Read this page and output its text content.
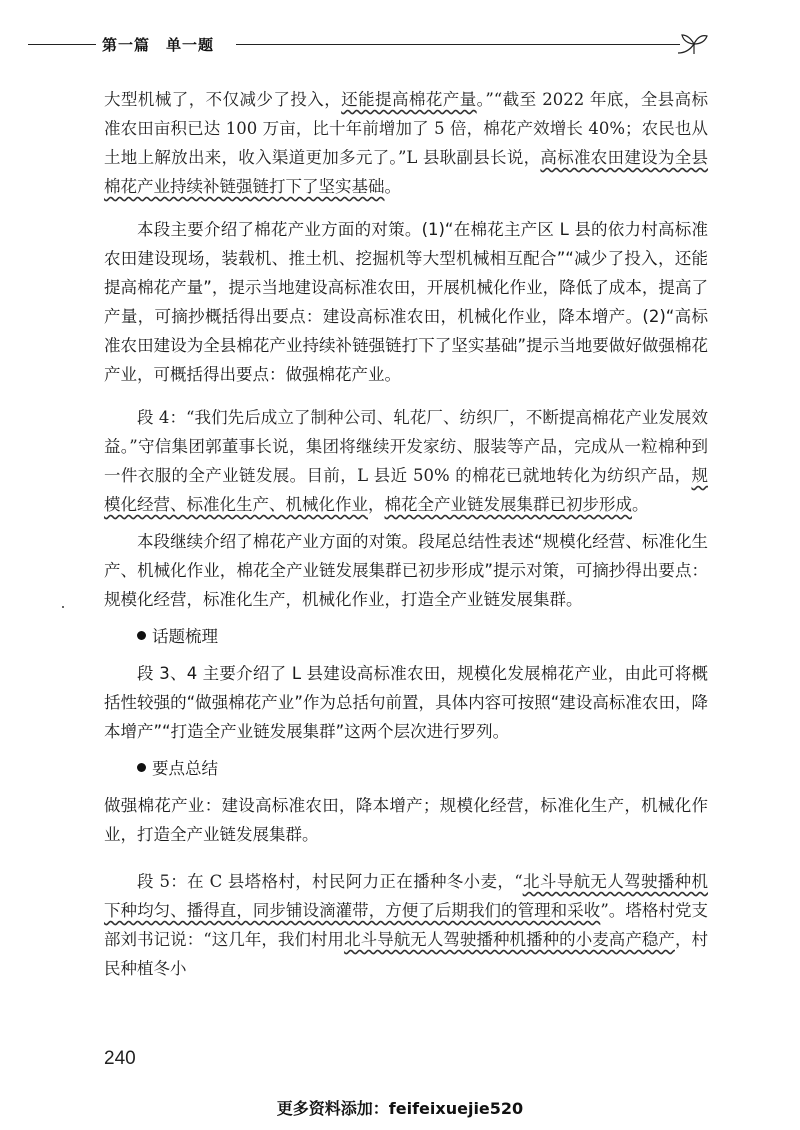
第一篇　单一题

大型机械了，不仅减少了投入，还能提高棉花产量。”“截至 2022 年底，全县高标准农田亩积已达 100 万亩，比十年前增加了 5 倍，棉花产效增长 40%；农民也从土地上解放出来，收入渠道更加多元了。”L 县耿副县长说，高标准农田建设为全县棉花产业持续补链强链打下了坚实基础。

本段主要介绍了棉花产业方面的对策。(1)“在棉花主产区 L 县的依力村高标准农田建设现场，装载机、推土机、挖掘机等大型机械相互配合”“减少了投入，还能提高棉花产量”，提示当地建设高标准农田，开展机械化作业，降低了成本，提高了产量，可摘抄概括得出要点：建设高标准农田，机械化作业，降本增产。(2)“高标准农田建设为全县棉花产业持续补链强链打下了坚实基础”提示当地要做好做强棉花产业，可概括得出要点：做强棉花产业。

段 4：“我们先后成立了制种公司、轧花厂、纺织厂，不断提高棉花产业发展效益。”守信集团郭董事长说，集团将继续开发家纺、服装等产品，完成从一粒棉种到一件衣服的全产业链发展。目前，L 县近 50% 的棉花已就地转化为纺织产品，规模化经营、标准化生产、机械化作业，棉花全产业链发展集群已初步形成。

本段继续介绍了棉花产业方面的对策。段尾总结性表述“规模化经营、标准化生产、机械化作业，棉花全产业链发展集群已初步形成”提示对策，可摘抄得出要点：规模化经营，标准化生产，机械化作业，打造全产业链发展集群。

话题梳理

段 3、4 主要介绍了 L 县建设高标准农田，规模化发展棉花产业，由此可将概括性较强的“做强棉花产业”作为总括句前置，具体内容可按照“建设高标准农田，降本增产”“打造全产业链发展集群”这两个层次进行罗列。

要点总结

做强棉花产业：建设高标准农田，降本增产；规模化经营，标准化生产，机械化作业，打造全产业链发展集群。

段 5：在 C 县塔格村，村民阿力正在播种冬小麦，“北斗导航无人驾驶播种机下种均匀、播得直，同步铺设滴灌带，方便了后期我们的管理和采收”。塔格村党支部刘书记说：“这几年，我们村用北斗导航无人驾驶播种机播种的小麦高产稳产，村民种植冬小

240
更多资料添加：feifeixuejie520
